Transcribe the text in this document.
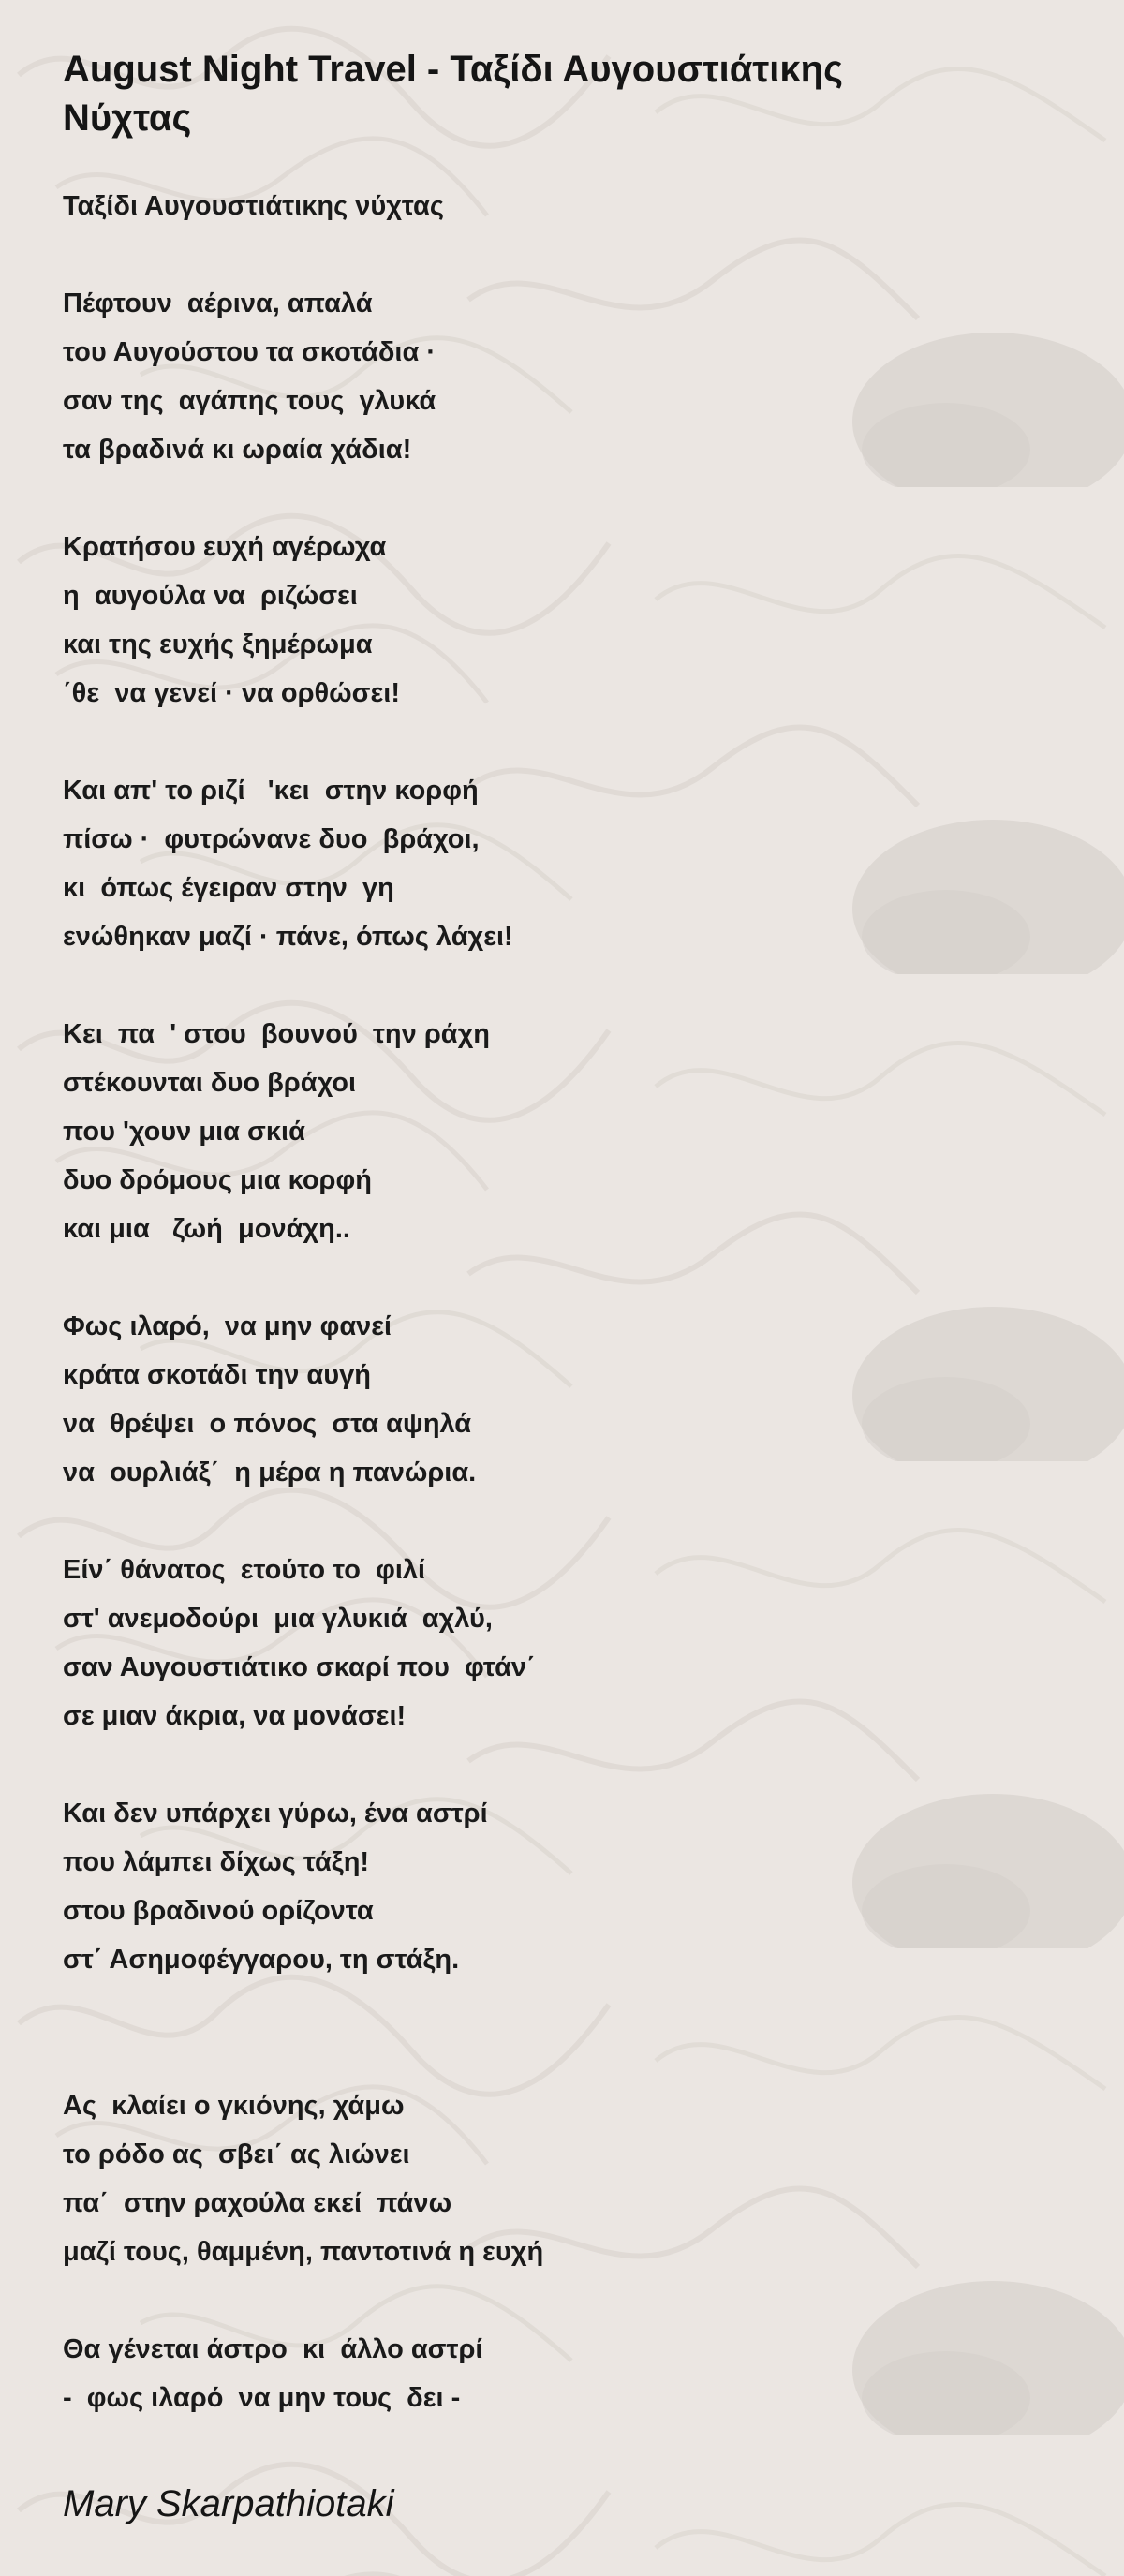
August Night Travel - Ταξίδι Αυγουστιάτικης
Νύχτας
Ταξίδι Αυγουστιάτικης νύχτας
Πέφτουν  αέρινα, απαλά
του Αυγούστου τα σκοτάδια ·
σαν της  αγάπης τους  γλυκά
τα βραδινά κι ωραία χάδια!
Κρατήσου ευχή αγέρωχα
η  αυγούλα να  ριζώσει
και της ευχής ξημέρωμα
΄θε  να γενεί · να ορθώσει!
Και απ' το ριζί   'κει  στην κορφή
πίσω ·  φυτρώνανε δυο  βράχοι,
κι  όπως έγειραν στην  γη
ενώθηκαν μαζί · πάνε, όπως λάχει!
Κει  πα  ' στου  βουνού  την ράχη
στέκουνται δυο βράχοι
που 'χουν μια σκιά
δυο δρόμους μια κορφή
και μια   ζωή  μονάχη..
Φως ιλαρό,  να μην φανεί
κράτα σκοτάδι την αυγή
να  θρέψει  ο πόνος  στα αψηλά
να  ουρλιάξ΄  η μέρα η πανώρια.
Είν΄ θάνατος  ετούτο το  φιλί
στ' ανεμοδούρι  μια γλυκιά  αχλύ,
σαν Αυγουστιάτικο σκαρί που  φτάν΄
σε μιαν άκρια, να μονάσει!
Και δεν υπάρχει γύρω, ένα αστρί
που λάμπει δίχως τάξη!
στου βραδινού ορίζοντα
στ΄ Ασημοφέγγαρου, τη στάξη.
Ας  κλαίει ο γκιόνης, χάμω
το ρόδο ας  σβει΄ ας λιώνει
πα΄  στην ραχούλα εκεί  πάνω
μαζί τους, θαμμένη, παντοτινά η ευχή
Θα γένεται άστρο  κι  άλλο αστρί
-  φως ιλαρό  να μην τους  δει -
Mary Skarpathiotaki
